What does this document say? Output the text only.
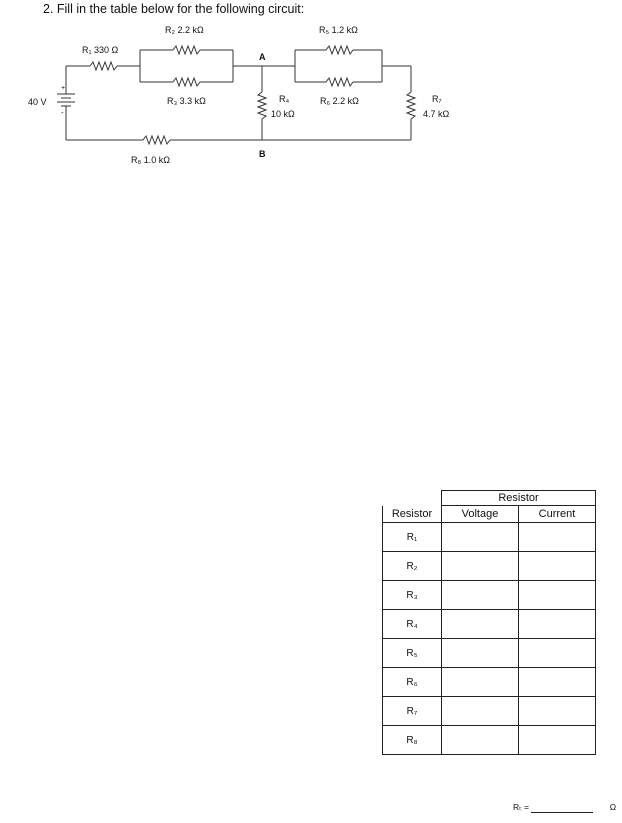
2. Fill in the table below for the following circuit:
+
-
40 V
R₁ 330 Ω
R₂ 2.2 kΩ
R₃ 3.3 kΩ
A
R₄
10 kΩ
B
R₅ 1.2 kΩ
R₆ 2.2 kΩ	R₇
4.7 kΩ
R₈ 1.0 kΩ
	Resistor	
Resistor	Voltage	Current
R₁		
R₂		
R₃		
R₄		
R₅		
R₆		
R₇		
R₈		
Rₜ =	Ω
